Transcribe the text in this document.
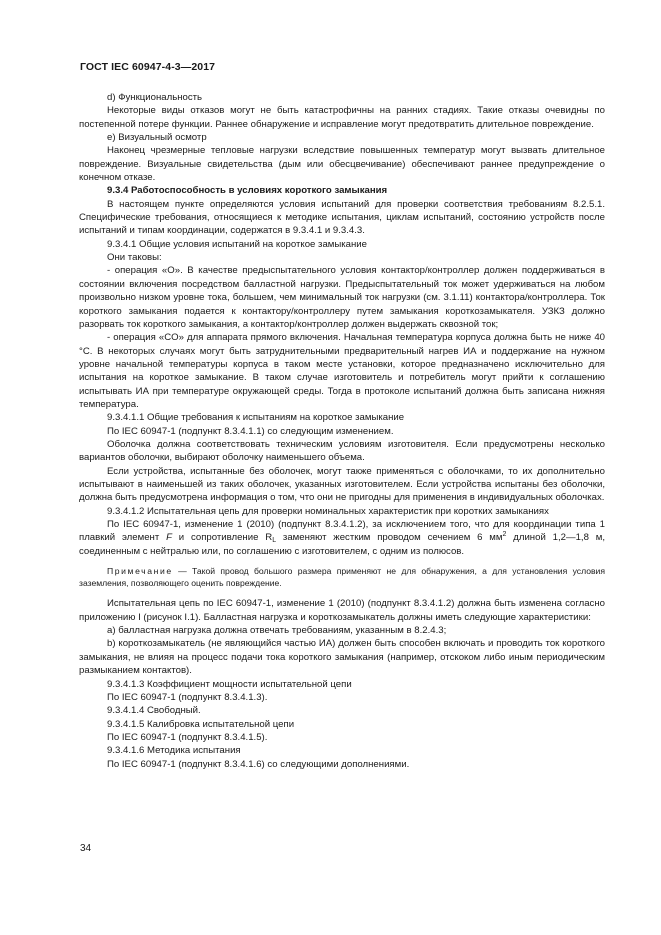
ГОСТ IEC 60947-4-3—2017

d) Функциональность

Некоторые виды отказов могут не быть катастрофичны на ранних стадиях. Такие отказы очевидны по постепенной потере функции. Раннее обнаружение и исправление могут предотвратить длительное повреждение.

e) Визуальный осмотр

Наконец чрезмерные тепловые нагрузки вследствие повышенных температур могут вызвать длительное повреждение. Визуальные свидетельства (дым или обесцвечивание) обеспечивают раннее предупреждение о конечном отказе.

9.3.4 Работоспособность в условиях короткого замыкания

В настоящем пункте определяются условия испытаний для проверки соответствия требованиям 8.2.5.1. Специфические требования, относящиеся к методике испытания, циклам испытаний, состоянию устройств после испытаний и типам координации, содержатся в 9.3.4.1 и 9.3.4.3.

9.3.4.1 Общие условия испытаний на короткое замыкание

Они таковы:

- операция «О». В качестве предыспытательного условия контактор/контроллер должен поддерживаться в состоянии включения посредством балластной нагрузки. Предыспытательный ток может удерживаться на любом произвольно низком уровне тока, большем, чем минимальный ток нагрузки (см. 3.1.11) контактора/контроллера. Ток короткого замыкания подается к контактору/контроллеру путем замыкания короткозамыкателя. УЗКЗ должно разорвать ток короткого замыкания, а контактор/контроллер должен выдержать сквозной ток;

- операция «CO» для аппарата прямого включения. Начальная температура корпуса должна быть не ниже 40 °С. В некоторых случаях могут быть затруднительными предварительный нагрев ИА и поддержание на нужном уровне начальной температуры корпуса в таком месте установки, которое предназначено исключительно для испытания на короткое замыкание. В таком случае изготовитель и потребитель могут прийти к соглашению испытывать ИА при температуре окружающей среды. Тогда в протоколе испытаний должна быть записана нижняя температура.

9.3.4.1.1 Общие требования к испытаниям на короткое замыкание

По IEC 60947-1 (подпункт 8.3.4.1.1) со следующим изменением.

Оболочка должна соответствовать техническим условиям изготовителя. Если предусмотрены несколько вариантов оболочки, выбирают оболочку наименьшего объема.

Если устройства, испытанные без оболочек, могут также применяться с оболочками, то их дополнительно испытывают в наименьшей из таких оболочек, указанных изготовителем. Если устройства испытаны без оболочки, должна быть предусмотрена информация о том, что они не пригодны для применения в индивидуальных оболочках.

9.3.4.1.2 Испытательная цепь для проверки номинальных характеристик при коротких замыканиях

По IEC 60947-1, изменение 1 (2010) (подпункт 8.3.4.1.2), за исключением того, что для координации типа 1 плавкий элемент F и сопротивление $R_L$ заменяют жестким проводом сечением 6 $мм^2$ длиной 1,2—1,8 м, соединенным с нейтралью или, по соглашению с изготовителем, с одним из полюсов.

Примечание — Такой провод большого размера применяют не для обнаружения, а для установления условия заземления, позволяющего оценить повреждение.

Испытательная цепь по IEC 60947-1, изменение 1 (2010) (подпункт 8.3.4.1.2) должна быть изменена согласно приложению I (рисунок I.1). Балластная нагрузка и короткозамыкатель должны иметь следующие характеристики:

a) балластная нагрузка должна отвечать требованиям, указанным в 8.2.4.3;

b) короткозамыкатель (не являющийся частью ИА) должен быть способен включать и проводить ток короткого замыкания, не влияя на процесс подачи тока короткого замыкания (например, отскоком либо иным периодическим размыканием контактов).

9.3.4.1.3 Коэффициент мощности испытательной цепи

По IEC 60947-1 (подпункт 8.3.4.1.3).

9.3.4.1.4 Свободный.

9.3.4.1.5 Калибровка испытательной цепи

По IEC 60947-1 (подпункт 8.3.4.1.5).

9.3.4.1.6 Методика испытания

По IEC 60947-1 (подпункт 8.3.4.1.6) со следующими дополнениями.

34
